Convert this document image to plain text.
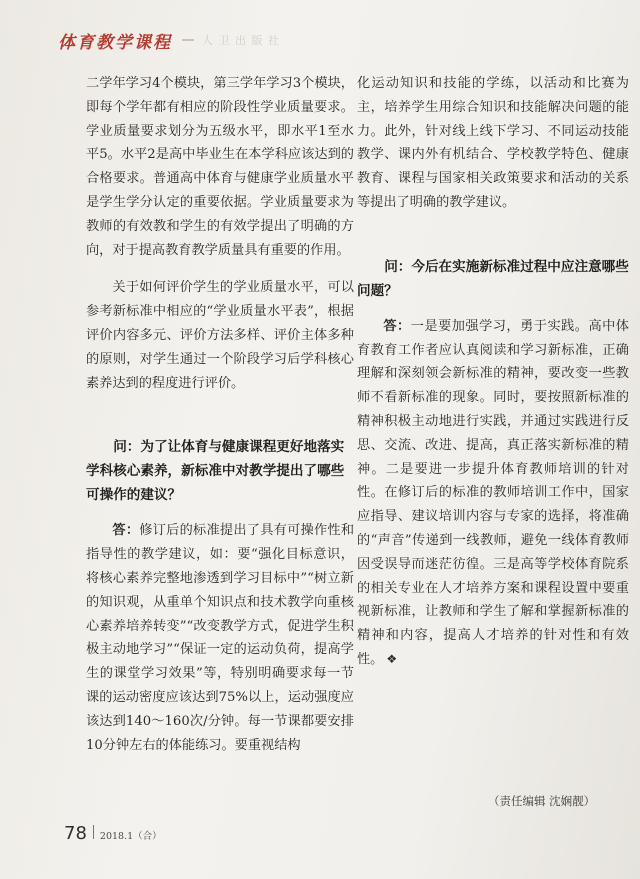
体育教学课程	人 卫 出 版 社

二学年学习4个模块，第三学年学习3个模块，即每个学年都有相应的阶段性学业质量要求。学业质量要求划分为五级水平，即水平1至水平5。水平2是高中毕业生在本学科应该达到的合格要求。普通高中体育与健康学业质量水平是学生学分认定的重要依据。学业质量要求为教师的有效教和学生的有效学提出了明确的方向，对于提高教育教学质量具有重要的作用。

关于如何评价学生的学业质量水平，可以参考新标准中相应的“学业质量水平表”，根据评价内容多元、评价方法多样、评价主体多种的原则，对学生通过一个阶段学习后学科核心素养达到的程度进行评价。

问：为了让体育与健康课程更好地落实学科核心素养，新标准中对教学提出了哪些可操作的建议？

答：修订后的标准提出了具有可操作性和指导性的教学建议，如：要“强化目标意识，将核心素养完整地渗透到学习目标中”“树立新的知识观，从重单个知识点和技术教学向重核心素养培养转变”“改变教学方式，促进学生积极主动地学习”“保证一定的运动负荷，提高学生的课堂学习效果”等，特别明确要求每一节课的运动密度应该达到75%以上，运动强度应该达到140～160次/分钟。每一节课都要安排10分钟左右的体能练习。要重视结构

化运动知识和技能的学练，以活动和比赛为主，培养学生用综合知识和技能解决问题的能力。此外，针对线上线下学习、不同运动技能教学、课内外有机结合、学校教学特色、健康教育、课程与国家相关政策要求和活动的关系等提出了明确的教学建议。

问：今后在实施新标准过程中应注意哪些问题？

答：一是要加强学习，勇于实践。高中体育教育工作者应认真阅读和学习新标准，正确理解和深刻领会新标准的精神，要改变一些教师不看新标准的现象。同时，要按照新标准的精神积极主动地进行实践，并通过实践进行反思、交流、改进、提高，真正落实新标准的精神。二是要进一步提升体育教师培训的针对性。在修订后的标准的教师培训工作中，国家应指导、建议培训内容与专家的选择，将准确的“声音”传递到一线教师，避免一线体育教师因受误导而迷茫彷徨。三是高等学校体育院系的相关专业在人才培养方案和课程设置中要重视新标准，让教师和学生了解和掌握新标准的精神和内容，提高人才培养的针对性和有效性。 ❖

（责任编辑 沈娴靓）
78 2018.1（合）
